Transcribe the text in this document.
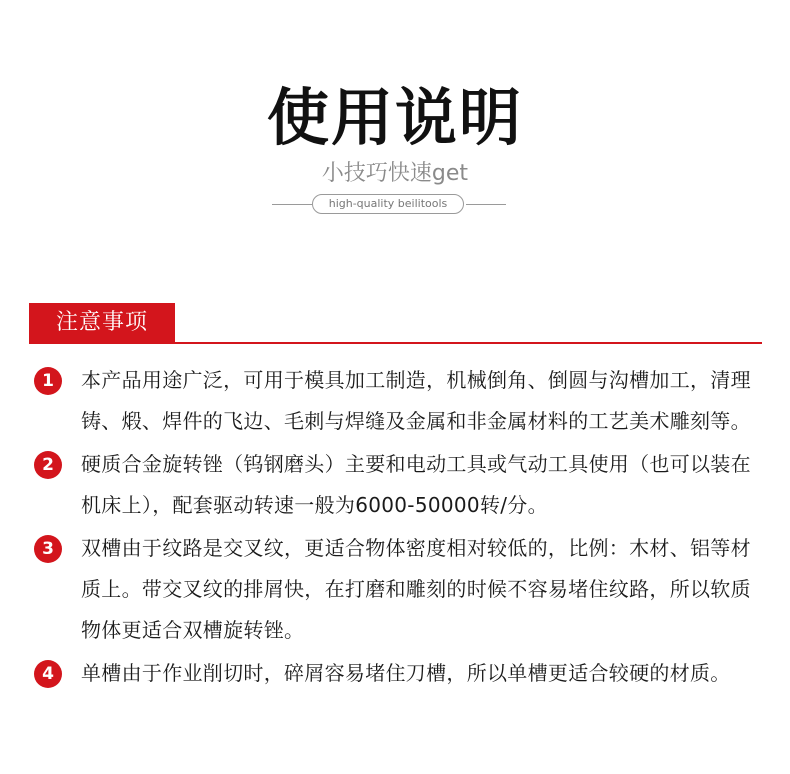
使用说明
小技巧快速get
high-quality beilitools
注意事项
1	本产品用途广泛，可用于模具加工制造，机械倒角、倒圆与沟槽加工，清理铸、煅、焊件的飞边、毛刺与焊缝及金属和非金属材料的工艺美术雕刻等。
2	硬质合金旋转锉（钨钢磨头）主要和电动工具或气动工具使用（也可以装在机床上），配套驱动转速一般为6000-50000转/分。
3	双槽由于纹路是交叉纹，更适合物体密度相对较低的，比例：木材、铝等材质上。带交叉纹的排屑快，在打磨和雕刻的时候不容易堵住纹路，所以软质物体更适合双槽旋转锉。
4	单槽由于作业削切时，碎屑容易堵住刀槽，所以单槽更适合较硬的材质。
